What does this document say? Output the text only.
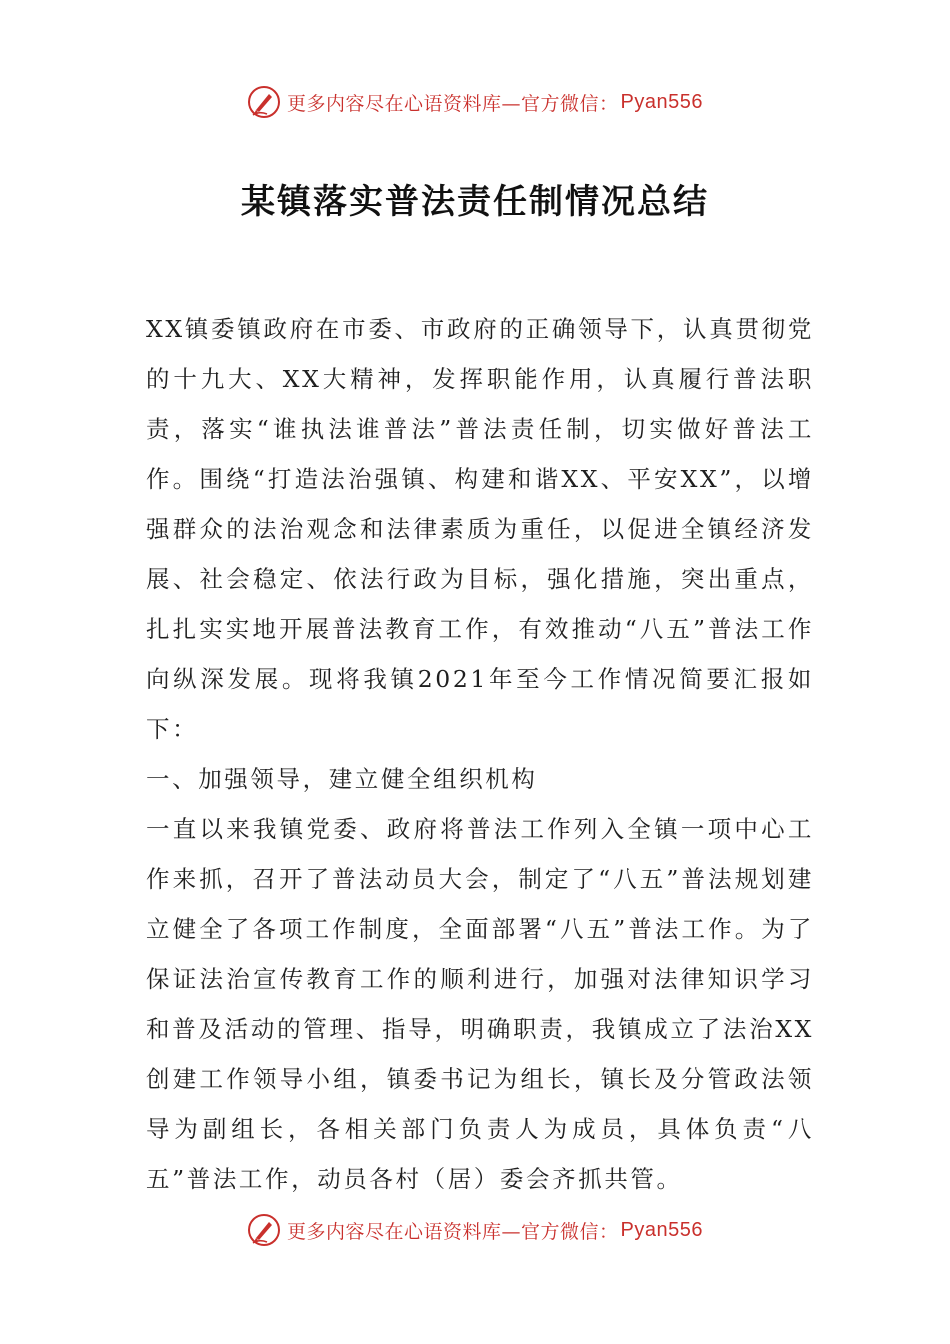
更多内容尽在心语资料库—官方微信： Pyan556
某镇落实普法责任制情况总结

XX镇委镇政府在市委、市政府的正确领导下，认真贯彻党的十九大、XX大精神，发挥职能作用，认真履行普法职责，落实“谁执法谁普法”普法责任制，切实做好普法工作。围绕“打造法治强镇、构建和谐XX、平安XX”，以增强群众的法治观念和法律素质为重任，以促进全镇经济发展、社会稳定、依法行政为目标，强化措施，突出重点，扎扎实实地开展普法教育工作，有效推动“八五”普法工作向纵深发展。现将我镇2021年至今工作情况简要汇报如下：

一、加强领导，建立健全组织机构

一直以来我镇党委、政府将普法工作列入全镇一项中心工作来抓，召开了普法动员大会，制定了“八五”普法规划建立健全了各项工作制度，全面部署“八五”普法工作。为了保证法治宣传教育工作的顺利进行，加强对法律知识学习和普及活动的管理、指导，明确职责，我镇成立了法治XX创建工作领导小组，镇委书记为组长，镇长及分管政法领导为副组长，各相关部门负责人为成员，具体负责“八五”普法工作，动员各村（居）委会齐抓共管。

更多内容尽在心语资料库—官方微信： Pyan556
